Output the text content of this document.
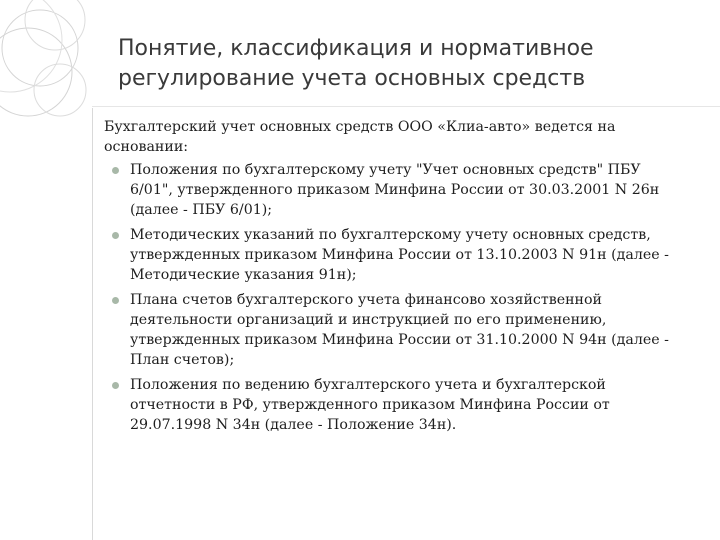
Понятие, классификация и нормативное регулирование учета основных средств

Бухгалтерский учет основных средств ООО «Клиа-авто» ведется на основании:

Положения по бухгалтерскому учету "Учет основных средств" ПБУ 6/01", утвержденного приказом Минфина России от 30.03.2001 N 26н (далее - ПБУ 6/01);
Методических указаний по бухгалтерскому учету основных средств, утвержденных приказом Минфина России от 13.10.2003 N 91н (далее - Методические указания 91н);
Плана счетов бухгалтерского учета финансово хозяйственной деятельности организаций и инструкцией по его применению, утвержденных приказом Минфина России от 31.10.2000 N 94н (далее - План счетов);
Положения по ведению бухгалтерского учета и бухгалтерской отчетности в РФ, утвержденного приказом Минфина России от 29.07.1998 N 34н (далее - Положение 34н).
